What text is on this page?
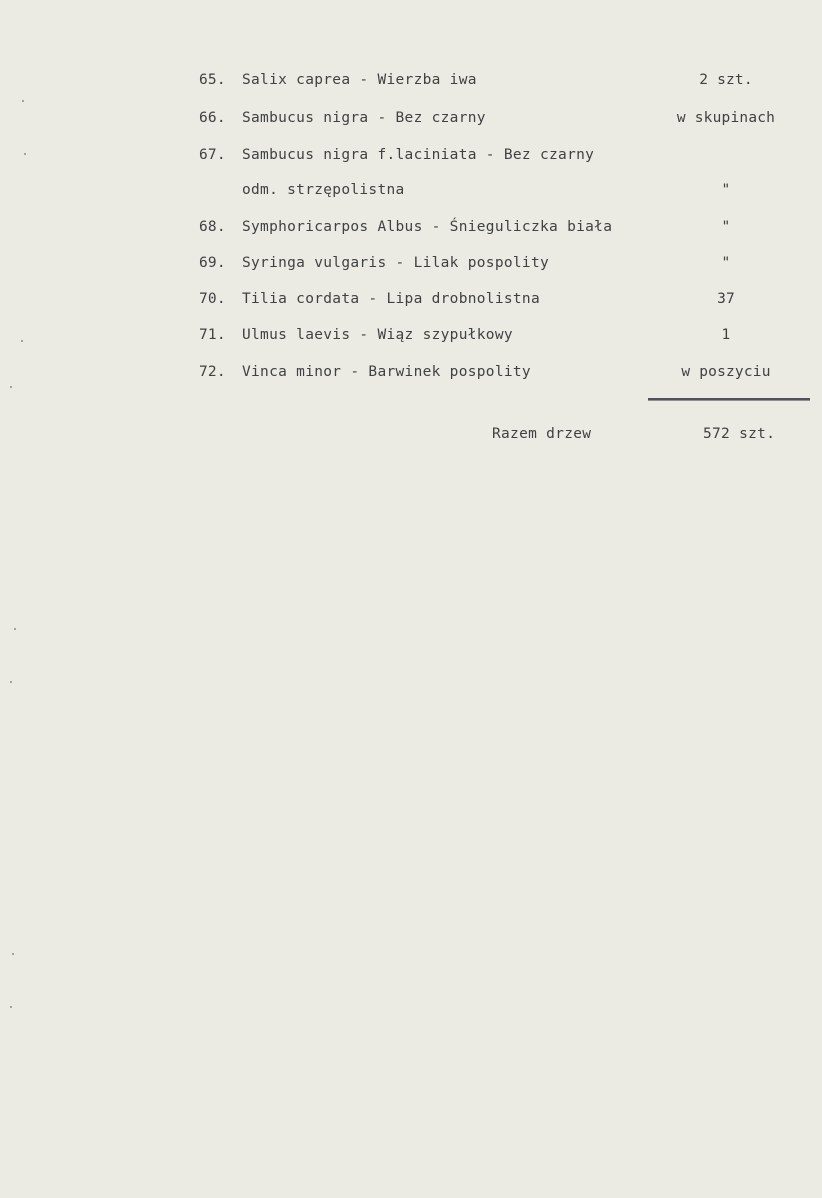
65. Salix caprea - Wierzba iwa	2 szt.
66. Sambucus nigra - Bez czarny	w skupinach
67. Sambucus nigra f.laciniata - Bez czarny
odm. strzępolistna	"
68. Symphoricarpos Albus - Śnieguliczka biała	"
69. Syringa vulgaris - Lilak pospolity	"
70. Tilia cordata - Lipa drobnolistna	37
71. Ulmus laevis - Wiąz szypułkowy	1
72. Vinca minor - Barwinek pospolity	w poszyciu
Razem drzew	572 szt.
